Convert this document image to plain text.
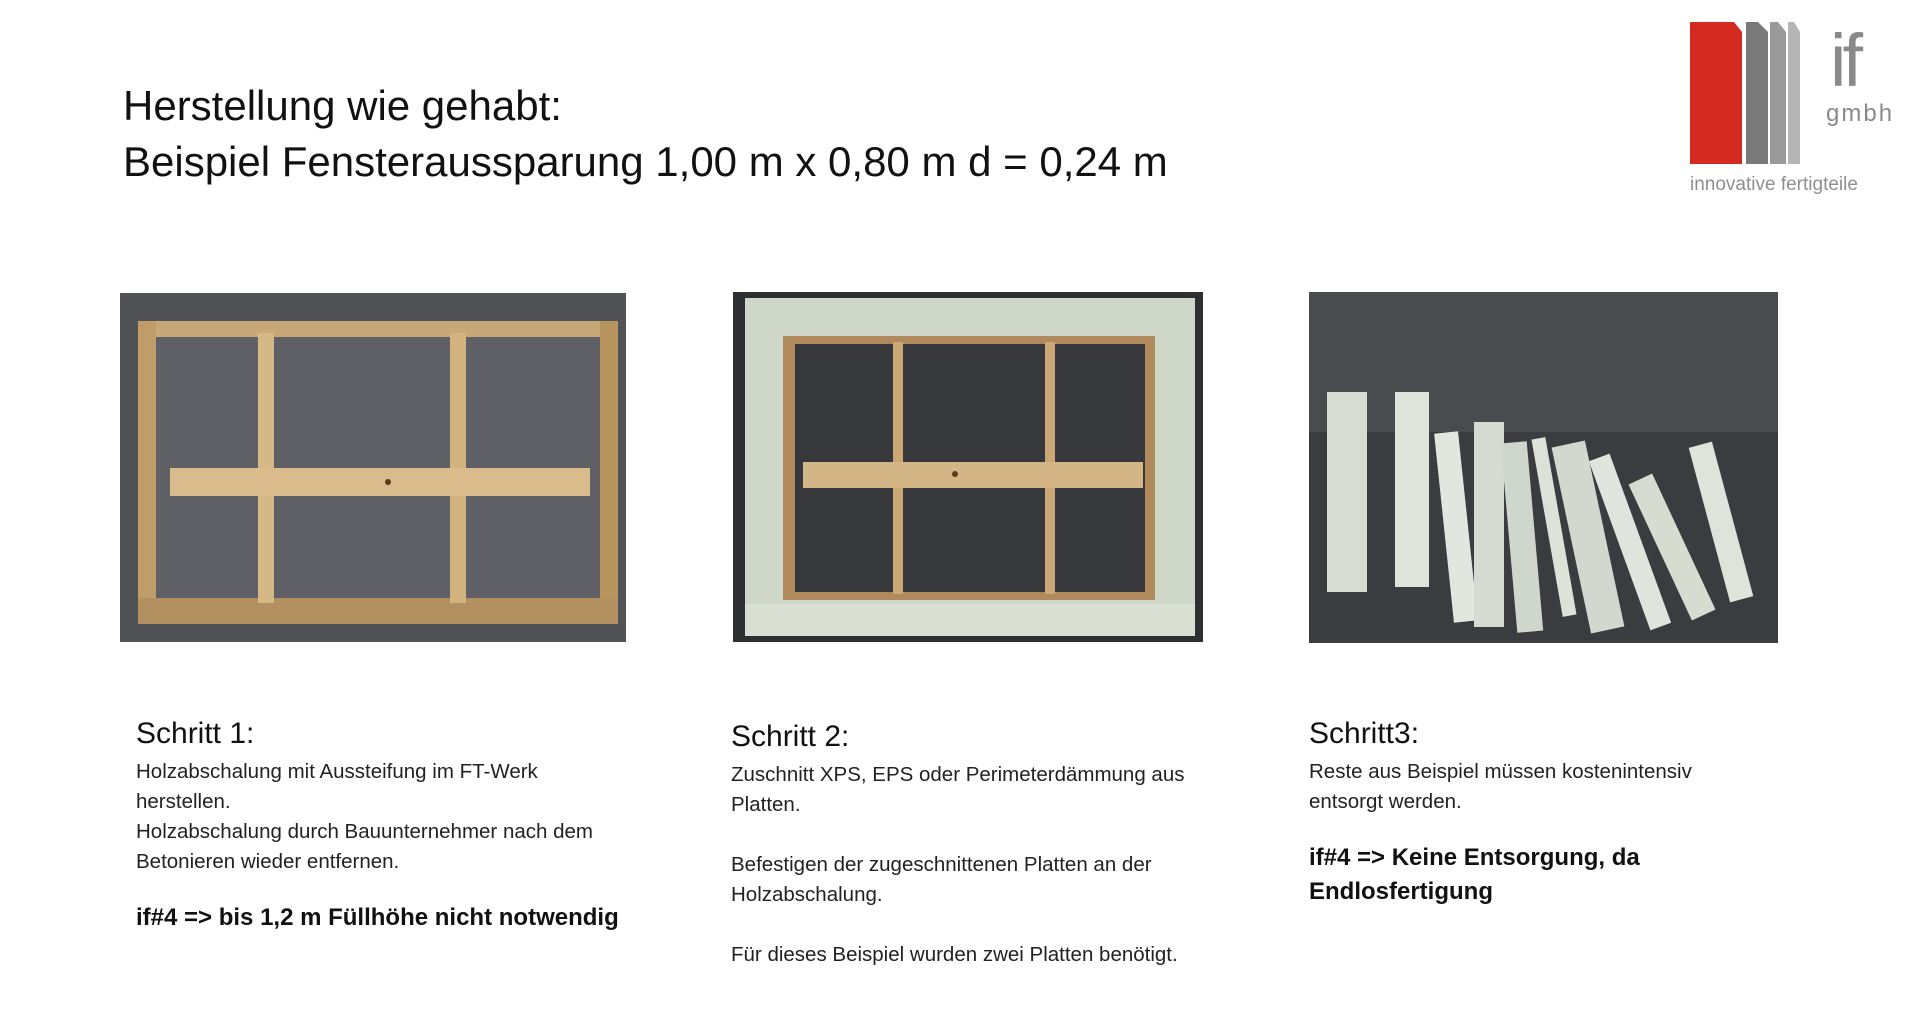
Herstellung wie gehabt:
Beispiel Fensteraussparung 1,00 m x 0,80 m d = 0,24 m
if
gmbh
innovative fertigteile
Schritt 1:
Holzabschalung mit Aussteifung im FT-Werk herstellen.
Holzabschalung durch Bauunternehmer nach dem Betonieren wieder entfernen.
if#4 => bis 1,2 m Füllhöhe nicht notwendig
Schritt 2:
Zuschnitt XPS, EPS oder Perimeterdämmung aus Platten.
Befestigen der zugeschnittenen Platten an der Holzabschalung.
Für dieses Beispiel wurden zwei Platten benötigt.
Schritt3:
Reste aus Beispiel müssen kostenintensiv entsorgt werden.
if#4 => Keine Entsorgung, da Endlosfertigung
